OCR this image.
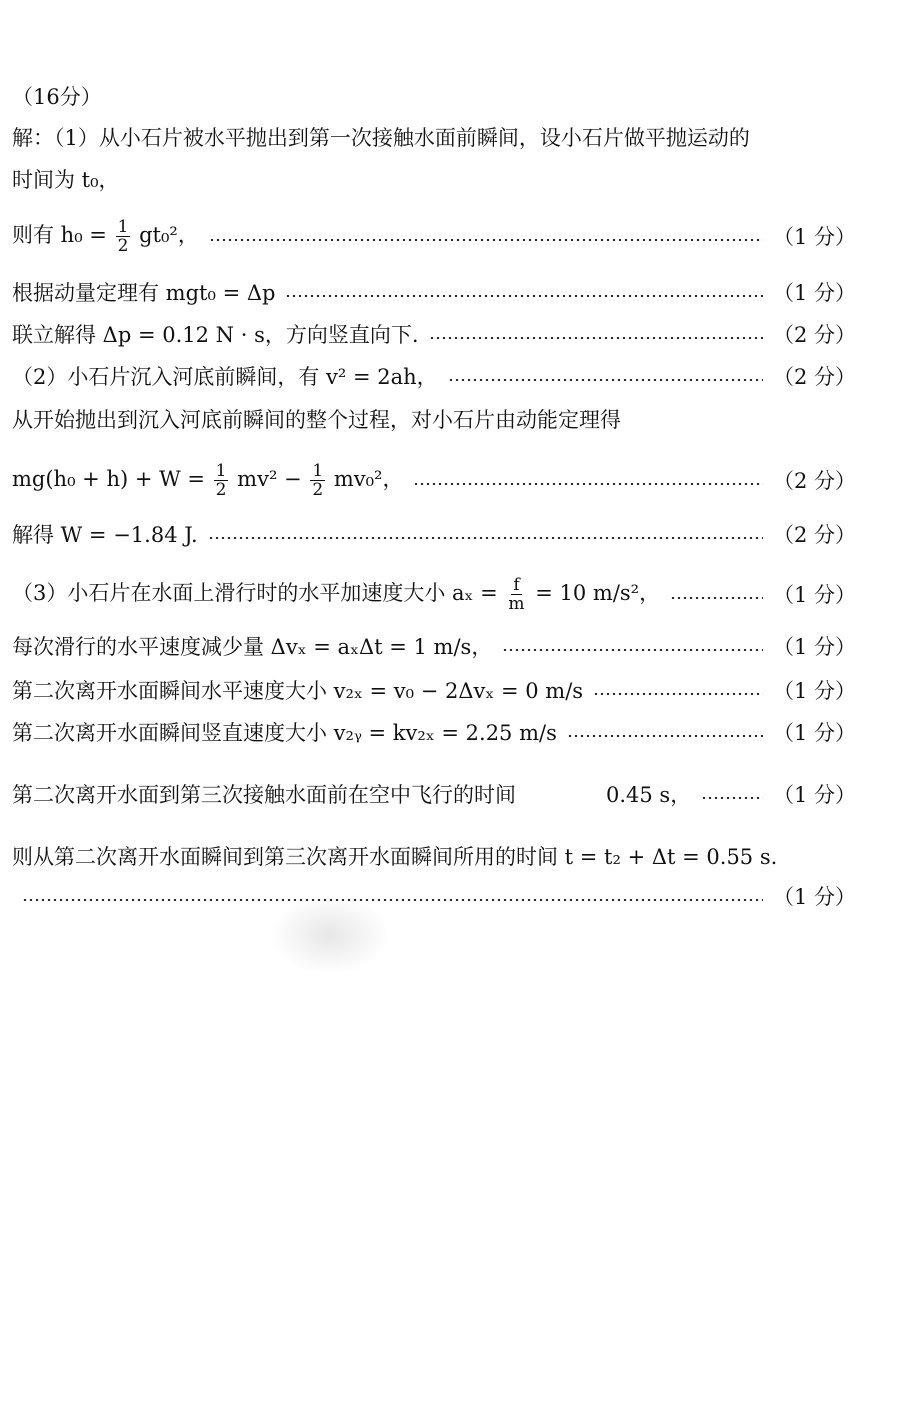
（16分）
解：（1）从小石片被水平抛出到第一次接触水面前瞬间，设小石片做平抛运动的
时间为 t₀，
则有 $h_0 = \frac{1}{2} gt_0^2$，	（1 分）
根据动量定理有 mgt₀ = Δp	（1 分）
联立解得 Δp = 0.12 N · s，方向竖直向下.	（2 分）
（2）小石片沉入河底前瞬间，有 v² = 2ah，	（2 分）
从开始抛出到沉入河底前瞬间的整个过程，对小石片由动能定理得
$mg(h_0 + h) + W = \frac{1}{2} mv^2 - \frac{1}{2} mv_0^2$，	（2 分）
解得 W = −1.84 J.	（2 分）
（3）小石片在水面上滑行时的水平加速度大小 $a_x = \frac{f}{m} = 10$ m/s²，	（1 分）
每次滑行的水平速度减少量 Δvₓ = aₓΔt = 1 m/s，	（1 分）
第二次离开水面瞬间水平速度大小 v₂ₓ = v₀ − 2Δvₓ = 0 m/s	（1 分）
第二次离开水面瞬间竖直速度大小 v₂ᵧ = kv₂ₓ = 2.25 m/s	（1 分）
第二次离开水面到第三次接触水面前在空中飞行的时间	0.45 s，	（1 分）
则从第二次离开水面瞬间到第三次离开水面瞬间所用的时间 t = t₂ + Δt = 0.55 s.
（1 分）
